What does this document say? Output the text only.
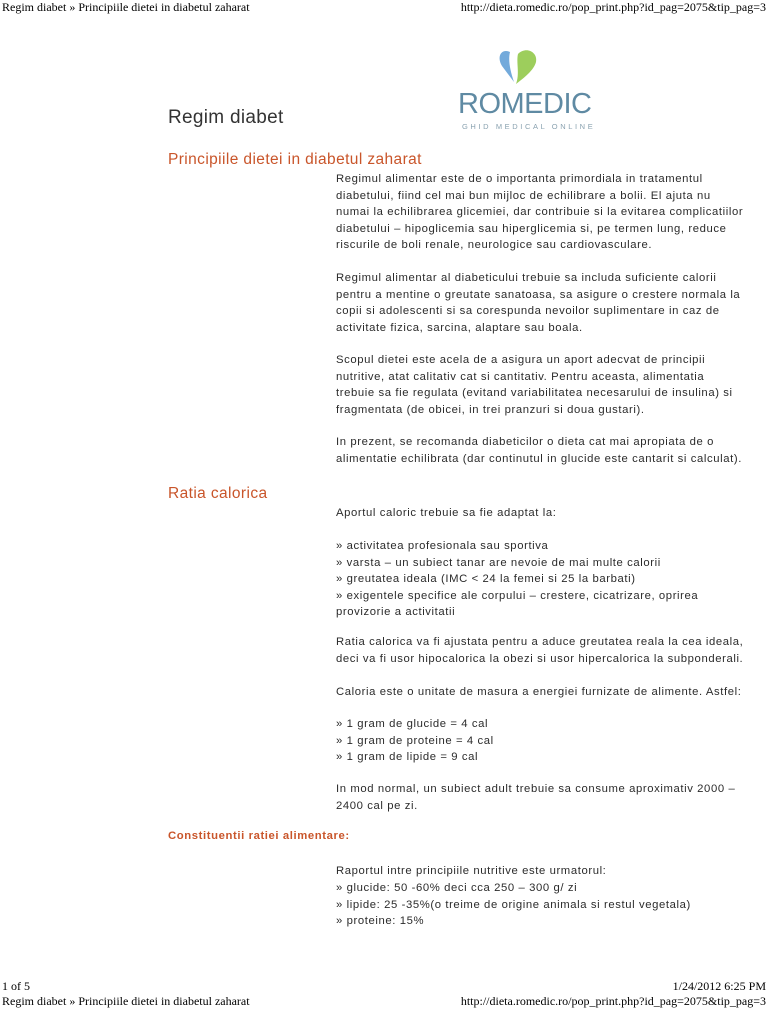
Regim diabet » Principiile dietei in diabetul zaharat	http://dieta.romedic.ro/pop_print.php?id_pag=2075&tip_pag=3
ROMEDIC
GHID MEDICAL ONLINE
Regim diabet
Principiile dietei in diabetul zaharat
Regimul alimentar este de o importanta primordiala in tratamentul
diabetului, fiind cel mai bun mijloc de echilibrare a bolii. El ajuta nu
numai la echilibrarea glicemiei, dar contribuie si la evitarea complicatiilor
diabetului – hipoglicemia sau hiperglicemia si, pe termen lung, reduce
riscurile de boli renale, neurologice sau cardiovasculare.
Regimul alimentar al diabeticului trebuie sa includa suficiente calorii
pentru a mentine o greutate sanatoasa, sa asigure o crestere normala la
copii si adolescenti si sa corespunda nevoilor suplimentare in caz de
activitate fizica, sarcina, alaptare sau boala.
Scopul dietei este acela de a asigura un aport adecvat de principii
nutritive, atat calitativ cat si cantitativ. Pentru aceasta, alimentatia
trebuie sa fie regulata (evitand variabilitatea necesarului de insulina) si
fragmentata (de obicei, in trei pranzuri si doua gustari).
In prezent, se recomanda diabeticilor o dieta cat mai apropiata de o
alimentatie echilibrata (dar continutul in glucide este cantarit si calculat).
Ratia calorica
Aportul caloric trebuie sa fie adaptat la:
» activitatea profesionala sau sportiva
» varsta – un subiect tanar are nevoie de mai multe calorii
» greutatea ideala (IMC < 24 la femei si 25 la barbati)
» exigentele specifice ale corpului – crestere, cicatrizare, oprirea
provizorie a activitatii
Ratia calorica va fi ajustata pentru a aduce greutatea reala la cea ideala,
deci va fi usor hipocalorica la obezi si usor hipercalorica la subponderali.
Caloria este o unitate de masura a energiei furnizate de alimente. Astfel:
» 1 gram de glucide = 4 cal
» 1 gram de proteine = 4 cal
» 1 gram de lipide = 9 cal
In mod normal, un subiect adult trebuie sa consume aproximativ 2000 –
2400 cal pe zi.
Constituentii ratiei alimentare:
Raportul intre principiile nutritive este urmatorul:
» glucide: 50 -60% deci cca 250 – 300 g/ zi
» lipide: 25 -35%(o treime de origine animala si restul vegetala)
» proteine: 15%
1 of 5	1/24/2012 6:25 PM
Regim diabet » Principiile dietei in diabetul zaharat	http://dieta.romedic.ro/pop_print.php?id_pag=2075&tip_pag=3
